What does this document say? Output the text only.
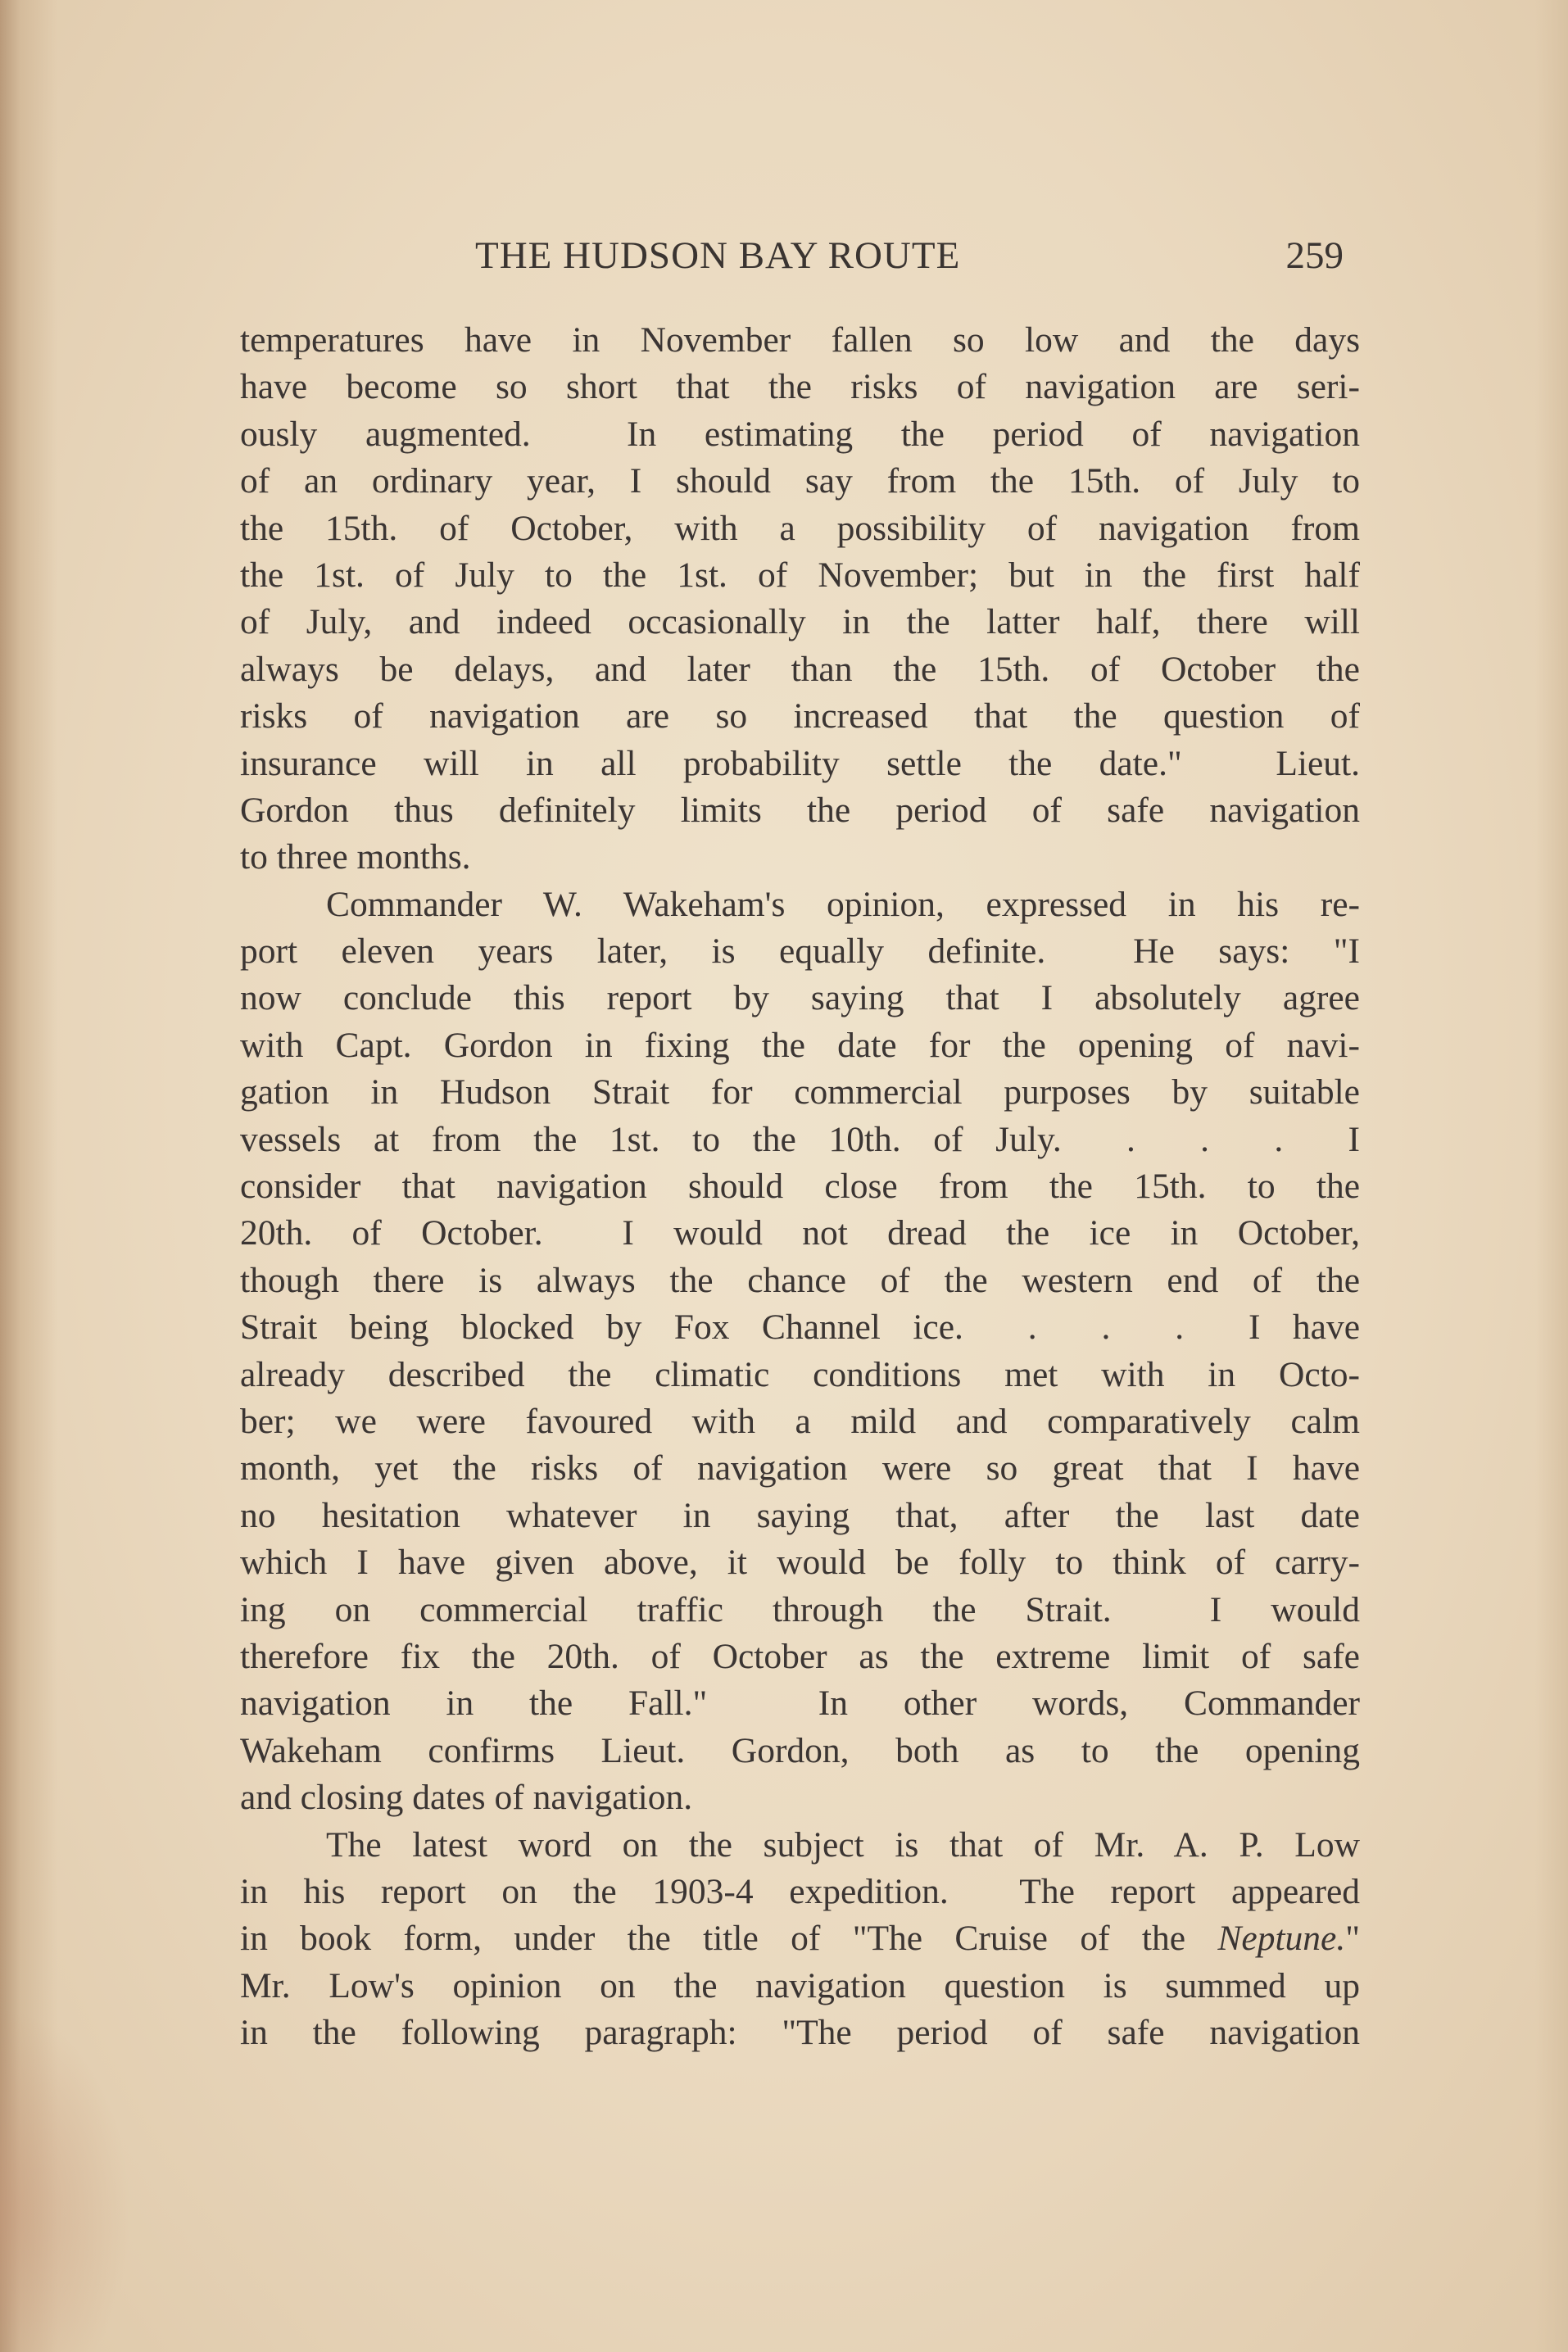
THE HUDSON BAY ROUTE	259
temperatures have in November fallen so low and the days
have become so short that the risks of navigation are seri-
ously augmented.  In estimating the period of navigation
of an ordinary year, I should say from the 15th. of July to
the 15th. of October, with a possibility of navigation from
the 1st. of July to the 1st. of November; but in the first half
of July, and indeed occasionally in the latter half, there will
always be delays, and later than the 15th. of October the
risks of navigation are so increased that the question of
insurance will in all probability settle the date."  Lieut.
Gordon thus definitely limits the period of safe navigation
to three months.
Commander W. Wakeham's opinion, expressed in his re-
port eleven years later, is equally definite.  He says: "I
now conclude this report by saying that I absolutely agree
with Capt. Gordon in fixing the date for the opening of navi-
gation in Hudson Strait for commercial purposes by suitable
vessels at from the 1st. to the 10th. of July.  .  .  .  I
consider that navigation should close from the 15th. to the
20th. of October.  I would not dread the ice in October,
though there is always the chance of the western end of the
Strait being blocked by Fox Channel ice.  .  .  .  I have
already described the climatic conditions met with in Octo-
ber; we were favoured with a mild and comparatively calm
month, yet the risks of navigation were so great that I have
no hesitation whatever in saying that, after the last date
which I have given above, it would be folly to think of carry-
ing on commercial traffic through the Strait.  I would
therefore fix the 20th. of October as the extreme limit of safe
navigation in the Fall."  In other words, Commander
Wakeham confirms Lieut. Gordon, both as to the opening
and closing dates of navigation.
The latest word on the subject is that of Mr. A. P. Low
in his report on the 1903-4 expedition.  The report appeared
in book form, under the title of "The Cruise of the Neptune."
Mr. Low's opinion on the navigation question is summed up
in the following paragraph: "The period of safe navigation
